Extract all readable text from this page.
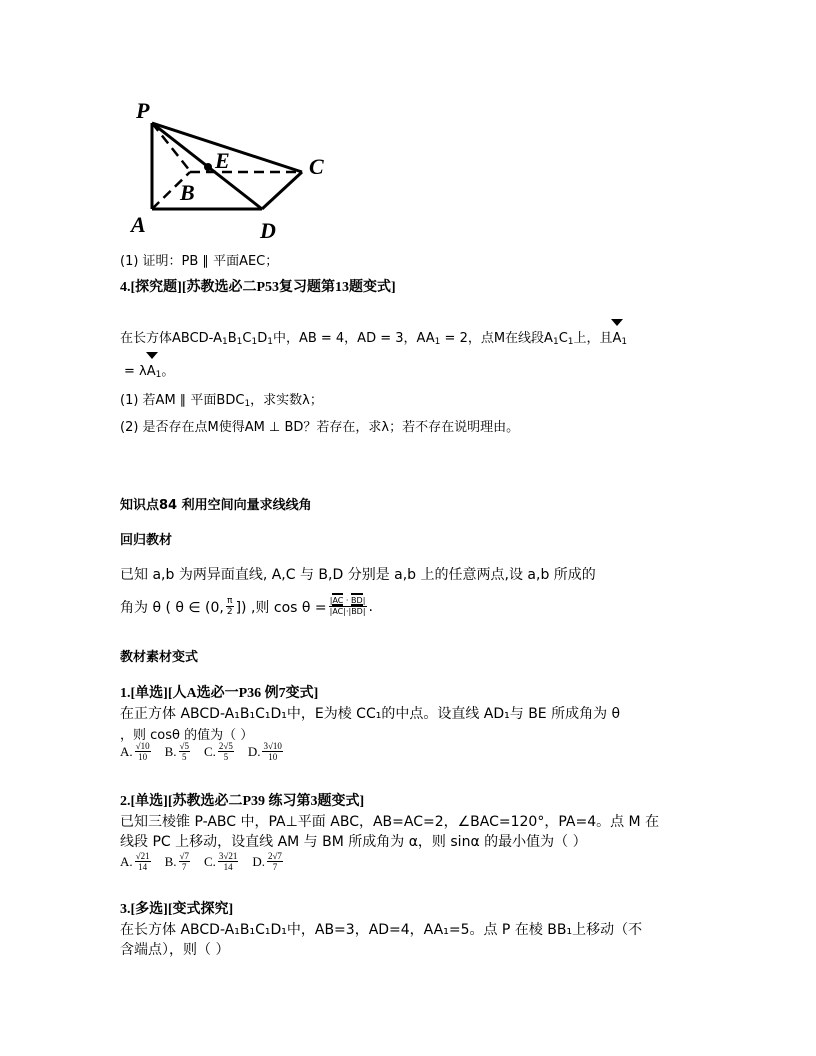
P
E	C
B
A	D
(1) 证明：PB ∥ 平面AEC；
4.[探究题][苏教选必二P53复习题第13题变式]
在长方体ABCD-$A_1B_1C_1D_1$中，AB = 4，AD = 3，$AA_1 = 2$，点M在线段$A_1C_1$上，且
$A_1$
= λ
$A_1$。
(1) 若AM ∥ 平面$BDC_1$，求实数λ；
(2) 是否存在点M使得AM ⊥ BD？若存在，求λ；若不存在说明理由。
知识点84 利用空间向量求线线角
回归教材
已知 a,b 为两异面直线, A,C 与 B,D 分别是 a,b 上的任意两点,设 a,b 所成的
角为 θ ( θ ∈ (0, $\frac{\pi}{2}$ ]) ,则 $\cos \theta = \frac{|AC \cdot BD|}{|AC|\cdot|BD|}$ .
教材素材变式
1.[单选][人A选必一P36 例7变式]
在正方体 ABCD-A₁B₁C₁D₁中，E为棱 CC₁的中点。设直线 AD₁与 BE 所成角为 θ
，则 cosθ 的值为（ ）
A. $\frac{√10}{10} B$. $\frac{√5}{5} C$. $\frac{2√5}{5} D$. $\frac{3√10}{10}$
2.[单选][苏教选必二P39 练习第3题变式]
已知三棱锥 P-ABC 中，PA⊥平面 ABC，AB=AC=2，∠BAC=120°，PA=4。点 M 在
线段 PC 上移动，设直线 AM 与 BM 所成角为 α，则 sinα 的最小值为（ ）
A. $\frac{√21}{14} B$. $\frac{√7}{7} C$. $\frac{3√21}{14} D$. $\frac{2√7}{7}$
3.[多选][变式探究]
在长方体 ABCD-A₁B₁C₁D₁中，AB=3，AD=4，AA₁=5。点 P 在棱 BB₁上移动（不
含端点），则（ ）
